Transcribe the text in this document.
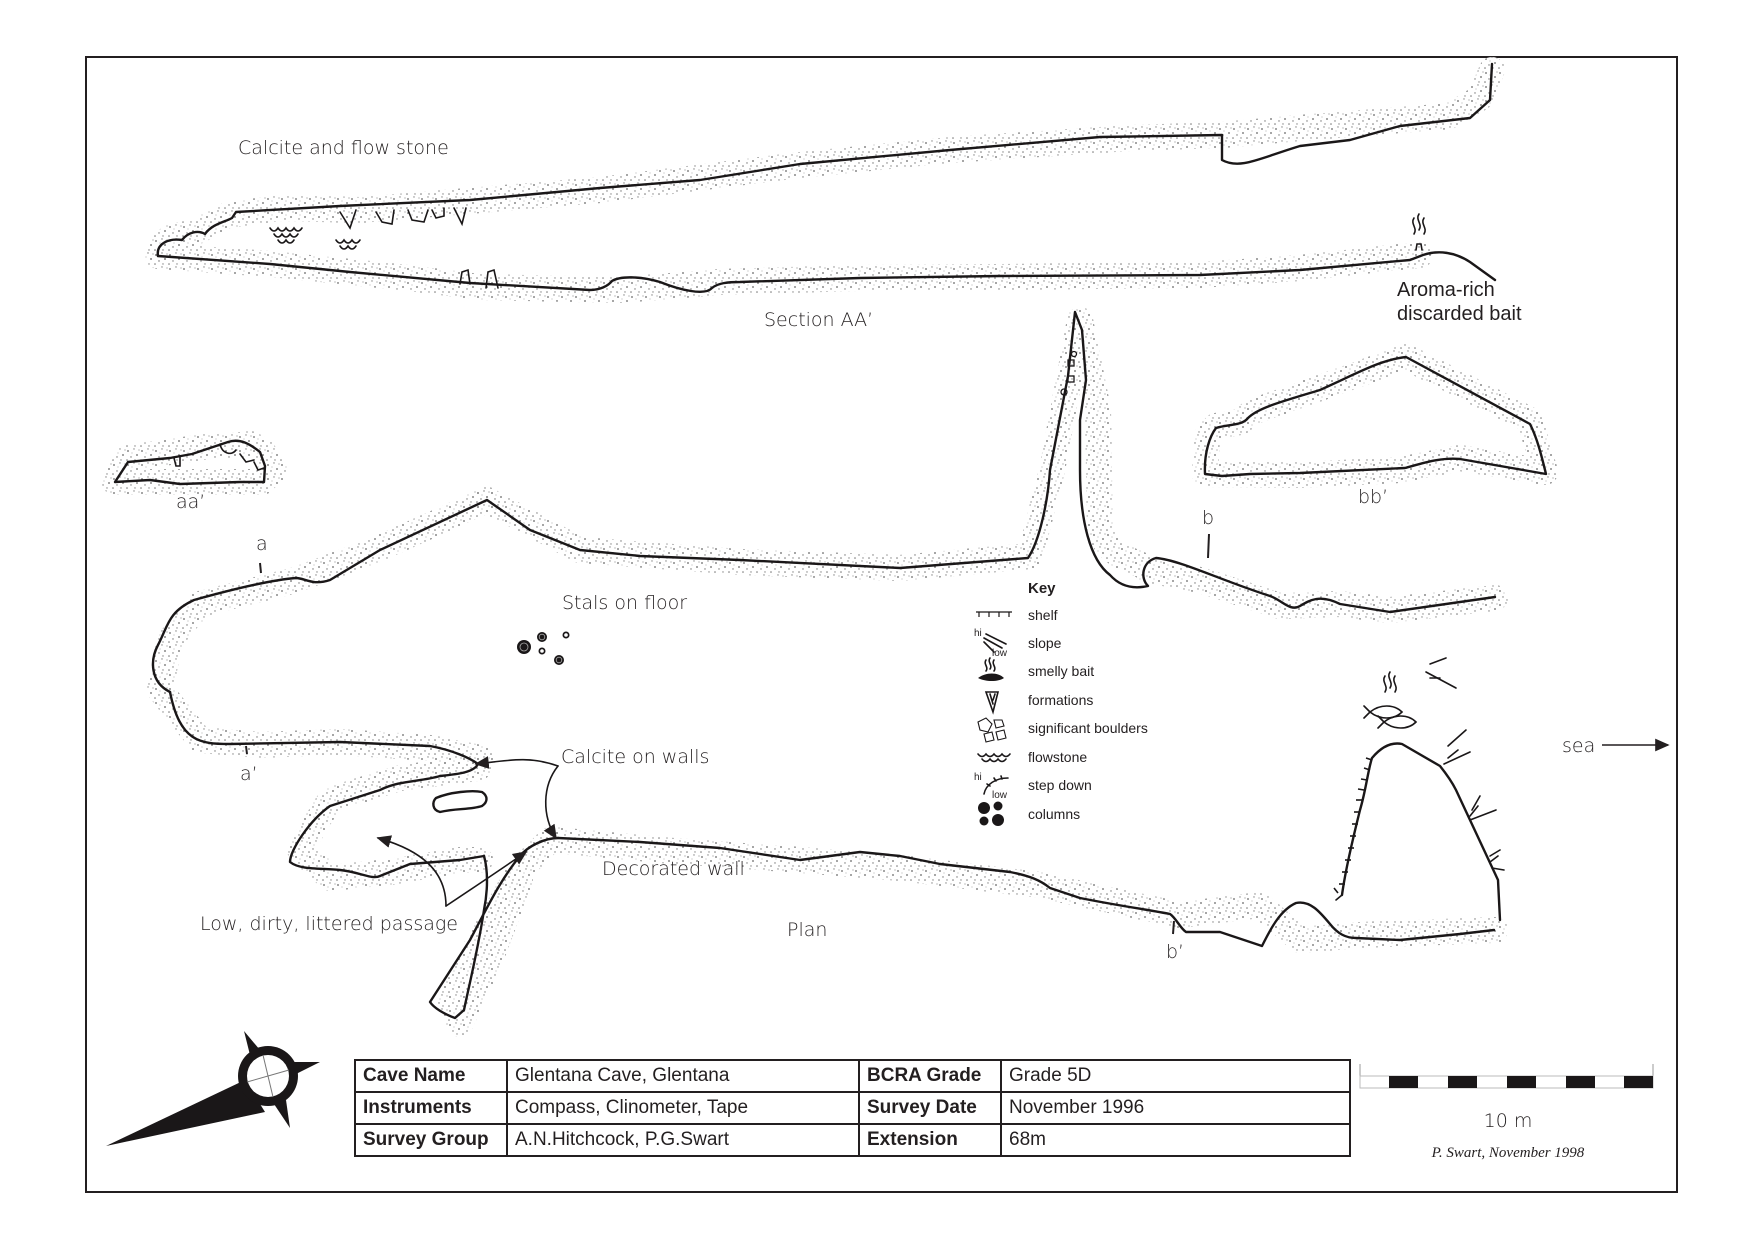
Calcite and flow stone
Section AA’
Aroma-rich
discarded bait
aa’	bb’
a
a’
b
b’
Stals on floor
Calcite on walls
Decorated wall
Low, dirty, littered passage	Plan
sea
Key
shelf
hi
low
slope
smelly bait
formations
significant boulders
flowstone
hi
low
step down
columns
10 m
P. Swart, November 1998
Cave Name	Glentana Cave, Glentana	BCRA Grade	Grade 5D
Instruments	Compass, Clinometer, Tape	Survey Date	November 1996
Survey Group	A.N.Hitchcock, P.G.Swart	Extension	68m
